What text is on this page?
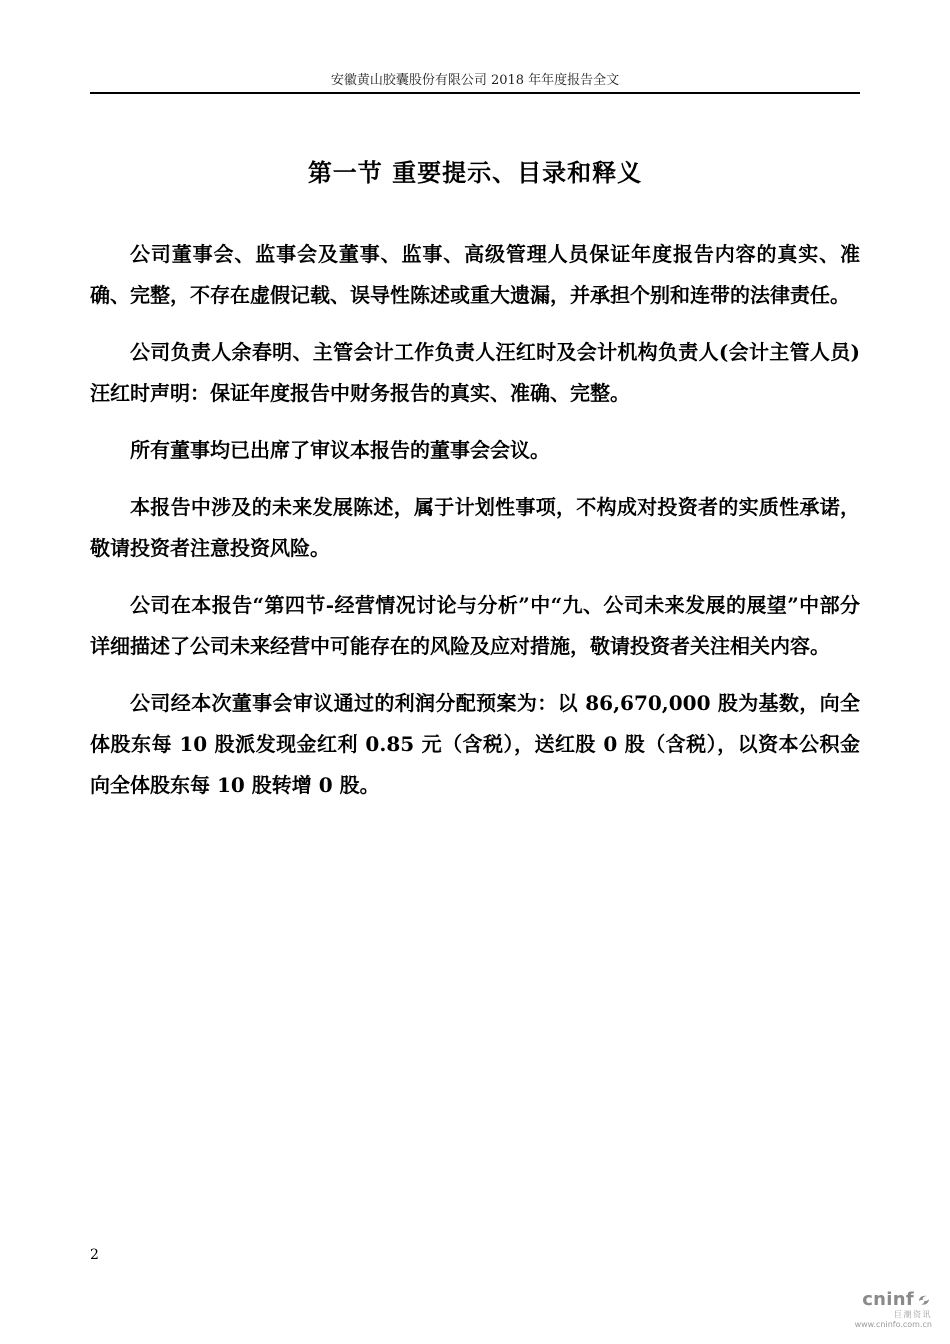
安徽黄山胶囊股份有限公司 2018 年年度报告全文
第一节 重要提示、目录和释义

公司董事会、监事会及董事、监事、高级管理人员保证年度报告内容的真实、准确、完整，不存在虚假记载、误导性陈述或重大遗漏，并承担个别和连带的法律责任。

公司负责人余春明、主管会计工作负责人汪红时及会计机构负责人(会计主管人员)汪红时声明：保证年度报告中财务报告的真实、准确、完整。

所有董事均已出席了审议本报告的董事会会议。

本报告中涉及的未来发展陈述，属于计划性事项，不构成对投资者的实质性承诺，敬请投资者注意投资风险。

公司在本报告“第四节-经营情况讨论与分析”中“九、公司未来发展的展望”中部分详细描述了公司未来经营中可能存在的风险及应对措施，敬请投资者关注相关内容。

公司经本次董事会审议通过的利润分配预案为：以 86,670,000 股为基数，向全体股东每 10 股派发现金红利 0.85 元（含税），送红股 0 股（含税），以资本公积金向全体股东每 10 股转增 0 股。

2
cninf
巨潮资讯
www.cninfo.com.cn
